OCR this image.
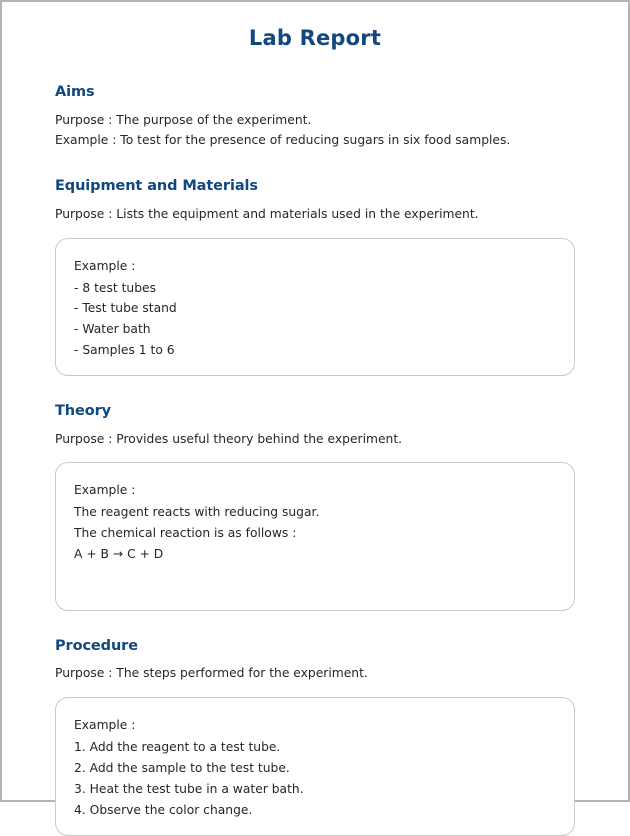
Lab Report
Aims

Purpose : The purpose of the experiment.

Example : To test for the presence of reducing sugars in six food samples.

Equipment and Materials

Purpose : Lists the equipment and materials used in the experiment.

Example :

- 8 test tubes

- Test tube stand

- Water bath

- Samples 1 to 6

Theory

Purpose : Provides useful theory behind the experiment.

Example :

The reagent reacts with reducing sugar.

The chemical reaction is as follows :

A + B → C + D

Procedure

Purpose : The steps performed for the experiment.

Example :

1. Add the reagent to a test tube.

2. Add the sample to the test tube.

3. Heat the test tube in a water bath.

4. Observe the color change.
